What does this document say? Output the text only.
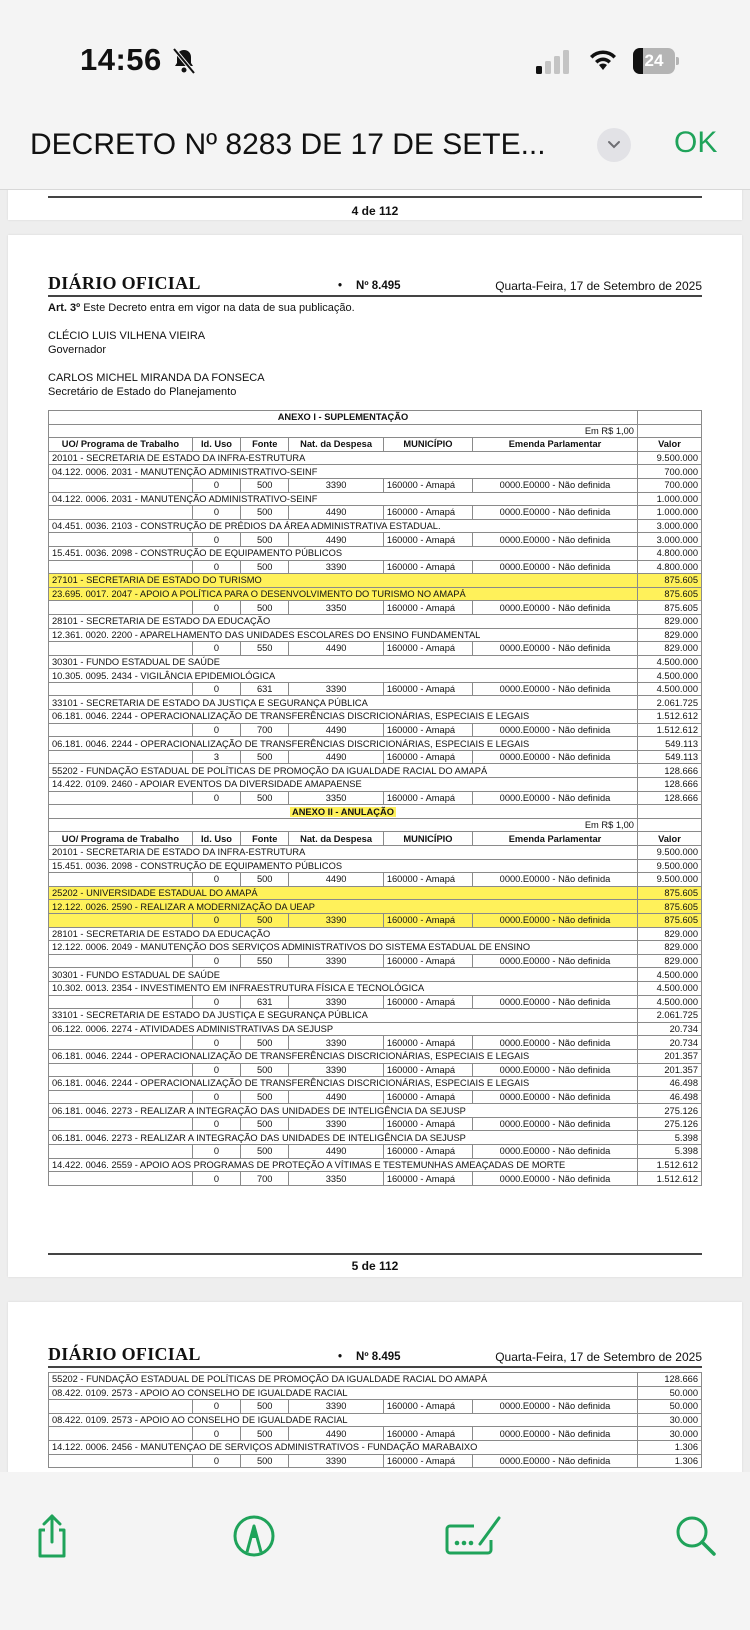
14:56	24
DECRETO Nº 8283 DE 17 DE SETE...	OK
4 de 112
DIÁRIO OFICIAL	• Nº 8.495	Quarta-Feira, 17 de Setembro de 2025
Art. 3º Este Decreto entra em vigor na data de sua publicação.
CLÉCIO LUIS VILHENA VIEIRA
Governador
CARLOS MICHEL MIRANDA DA FONSECA
Secretário de Estado do Planejamento
ANEXO I - SUPLEMENTAÇÃO						
Em R$ 1,00						
UO/ Programa de Trabalho	Id. Uso	Fonte	Nat. da Despesa	MUNICÍPIO	Emenda Parlamentar	Valor
20101 - SECRETARIA DE ESTADO DA INFRA-ESTRUTURA						9.500.000
04.122. 0006. 2031 - MANUTENÇÃO ADMINISTRATIVO-SEINF						700.000
	0	500	3390	160000 - Amapá	0000.E0000 - Não definida	700.000
04.122. 0006. 2031 - MANUTENÇÃO ADMINISTRATIVO-SEINF						1.000.000
	0	500	4490	160000 - Amapá	0000.E0000 - Não definida	1.000.000
04.451. 0036. 2103 - CONSTRUÇÃO DE PRÉDIOS DA ÁREA ADMINISTRATIVA ESTADUAL.						3.000.000
	0	500	4490	160000 - Amapá	0000.E0000 - Não definida	3.000.000
15.451. 0036. 2098 - CONSTRUÇÃO DE EQUIPAMENTO PÚBLICOS						4.800.000
	0	500	3390	160000 - Amapá	0000.E0000 - Não definida	4.800.000
27101 - SECRETARIA DE ESTADO DO TURISMO						875.605
23.695. 0017. 2047 - APOIO A POLÍTICA PARA O DESENVOLVIMENTO DO TURISMO NO AMAPÁ						875.605
	0	500	3350	160000 - Amapá	0000.E0000 - Não definida	875.605
28101 - SECRETARIA DE ESTADO DA EDUCAÇÃO						829.000
12.361. 0020. 2200 - APARELHAMENTO DAS UNIDADES ESCOLARES DO ENSINO FUNDAMENTAL						829.000
	0	550	4490	160000 - Amapá	0000.E0000 - Não definida	829.000
30301 - FUNDO ESTADUAL DE SAÚDE						4.500.000
10.305. 0095. 2434 - VIGILÂNCIA EPIDEMIOLÓGICA						4.500.000
	0	631	3390	160000 - Amapá	0000.E0000 - Não definida	4.500.000
33101 - SECRETARIA DE ESTADO DA JUSTIÇA E SEGURANÇA PÚBLICA						2.061.725
06.181. 0046. 2244 - OPERACIONALIZAÇÃO DE TRANSFERÊNCIAS DISCRICIONÁRIAS, ESPECIAIS E LEGAIS						1.512.612
	0	700	4490	160000 - Amapá	0000.E0000 - Não definida	1.512.612
06.181. 0046. 2244 - OPERACIONALIZAÇÃO DE TRANSFERÊNCIAS DISCRICIONÁRIAS, ESPECIAIS E LEGAIS						549.113
	3	500	4490	160000 - Amapá	0000.E0000 - Não definida	549.113
55202 - FUNDAÇÃO ESTADUAL DE POLÍTICAS DE PROMOÇÃO DA IGUALDADE RACIAL DO AMAPÁ						128.666
14.422. 0109. 2460 - APOIAR EVENTOS DA DIVERSIDADE AMAPAENSE						128.666
	0	500	3350	160000 - Amapá	0000.E0000 - Não definida	128.666
ANEXO II - ANULAÇÃO						
Em R$ 1,00						
UO/ Programa de Trabalho	Id. Uso	Fonte	Nat. da Despesa	MUNICÍPIO	Emenda Parlamentar	Valor
20101 - SECRETARIA DE ESTADO DA INFRA-ESTRUTURA						9.500.000
15.451. 0036. 2098 - CONSTRUÇÃO DE EQUIPAMENTO PÚBLICOS						9.500.000
	0	500	4490	160000 - Amapá	0000.E0000 - Não definida	9.500.000
25202 - UNIVERSIDADE ESTADUAL DO AMAPÁ						875.605
12.122. 0026. 2590 - REALIZAR A MODERNIZAÇÃO DA UEAP						875.605
	0	500	3390	160000 - Amapá	0000.E0000 - Não definida	875.605
28101 - SECRETARIA DE ESTADO DA EDUCAÇÃO						829.000
12.122. 0006. 2049 - MANUTENÇÃO DOS SERVIÇOS ADMINISTRATIVOS DO SISTEMA ESTADUAL DE ENSINO						829.000
	0	550	3390	160000 - Amapá	0000.E0000 - Não definida	829.000
30301 - FUNDO ESTADUAL DE SAÚDE						4.500.000
10.302. 0013. 2354 - INVESTIMENTO EM INFRAESTRUTURA FÍSICA E TECNOLÓGICA						4.500.000
	0	631	3390	160000 - Amapá	0000.E0000 - Não definida	4.500.000
33101 - SECRETARIA DE ESTADO DA JUSTIÇA E SEGURANÇA PÚBLICA						2.061.725
06.122. 0006. 2274 - ATIVIDADES ADMINISTRATIVAS DA SEJUSP						20.734
	0	500	3390	160000 - Amapá	0000.E0000 - Não definida	20.734
06.181. 0046. 2244 - OPERACIONALIZAÇÃO DE TRANSFERÊNCIAS DISCRICIONÁRIAS, ESPECIAIS E LEGAIS						201.357
	0	500	3390	160000 - Amapá	0000.E0000 - Não definida	201.357
06.181. 0046. 2244 - OPERACIONALIZAÇÃO DE TRANSFERÊNCIAS DISCRICIONÁRIAS, ESPECIAIS E LEGAIS						46.498
	0	500	4490	160000 - Amapá	0000.E0000 - Não definida	46.498
06.181. 0046. 2273 - REALIZAR A INTEGRAÇÃO DAS UNIDADES DE INTELIGÊNCIA DA SEJUSP						275.126
	0	500	3390	160000 - Amapá	0000.E0000 - Não definida	275.126
06.181. 0046. 2273 - REALIZAR A INTEGRAÇÃO DAS UNIDADES DE INTELIGÊNCIA DA SEJUSP						5.398
	0	500	4490	160000 - Amapá	0000.E0000 - Não definida	5.398
14.422. 0046. 2559 - APOIO AOS PROGRAMAS DE PROTEÇÃO A VÍTIMAS E TESTEMUNHAS AMEAÇADAS DE MORTE						1.512.612
	0	700	3350	160000 - Amapá	0000.E0000 - Não definida	1.512.612
5 de 112
DIÁRIO OFICIAL	• Nº 8.495	Quarta-Feira, 17 de Setembro de 2025
55202 - FUNDAÇÃO ESTADUAL DE POLÍTICAS DE PROMOÇÃO DA IGUALDADE RACIAL DO AMAPÁ						128.666
08.422. 0109. 2573 - APOIO AO CONSELHO DE IGUALDADE RACIAL						50.000
	0	500	3390	160000 - Amapá	0000.E0000 - Não definida	50.000
08.422. 0109. 2573 - APOIO AO CONSELHO DE IGUALDADE RACIAL						30.000
	0	500	4490	160000 - Amapá	0000.E0000 - Não definida	30.000
14.122. 0006. 2456 - MANUTENÇAO DE SERVIÇOS ADMINISTRATIVOS - FUNDAÇÃO MARABAIXO						1.306
	0	500	3390	160000 - Amapá	0000.E0000 - Não definida	1.306
